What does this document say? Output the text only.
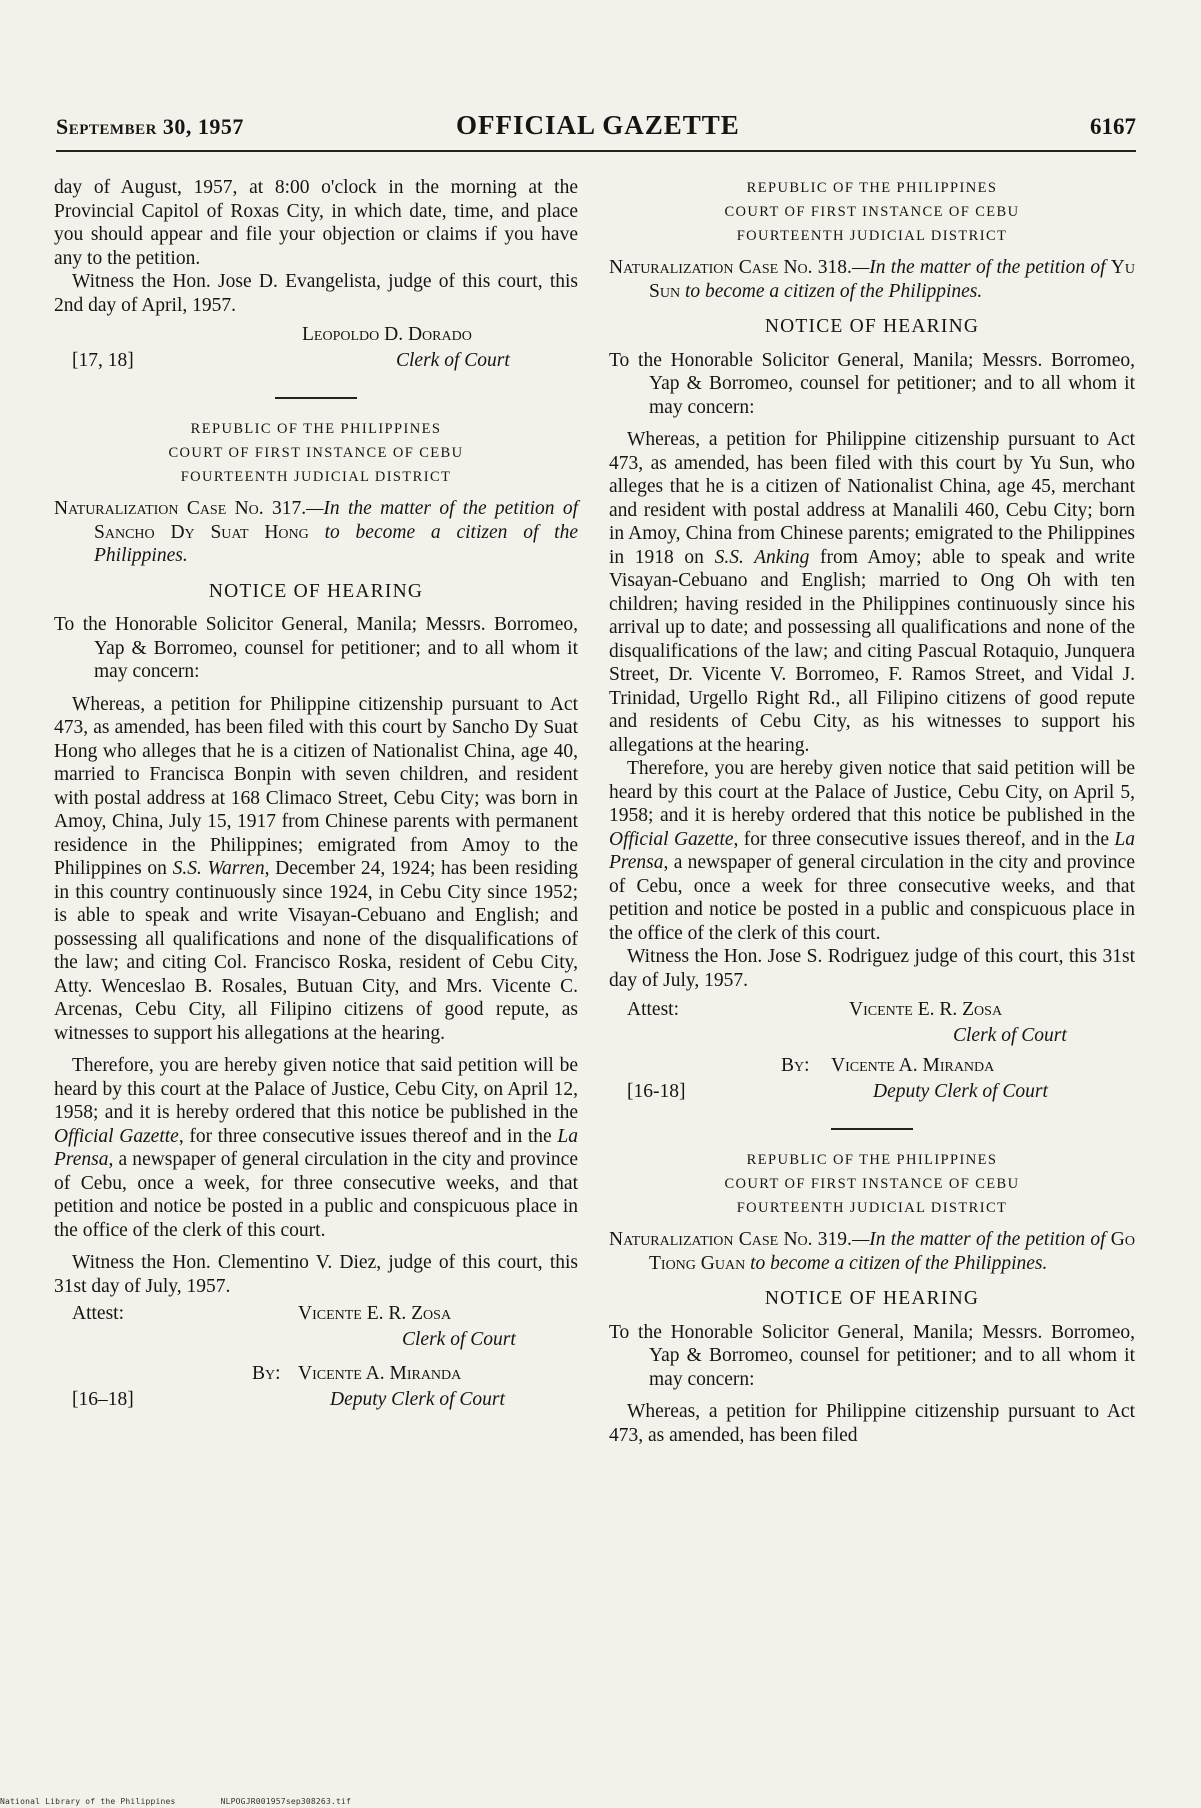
September 30, 1957	OFFICIAL GAZETTE	6167

day of August, 1957, at 8:00 o'clock in the morning at the Provincial Capitol of Roxas City, in which date, time, and place you should appear and file your objection or claims if you have any to the petition.

Witness the Hon. Jose D. Evangelista, judge of this court, this 2nd day of April, 1957.

Leopoldo D. Dorado
[17, 18]	Clerk of Court
REPUBLIC OF THE PHILIPPINES
COURT OF FIRST INSTANCE OF CEBU
FOURTEENTH JUDICIAL DISTRICT

Naturalization Case No. 317.—In the matter of the petition of Sancho Dy Suat Hong to become a citizen of the Philippines.

NOTICE OF HEARING

To the Honorable Solicitor General, Manila; Messrs. Borromeo, Yap & Borromeo, counsel for petitioner; and to all whom it may concern:

Whereas, a petition for Philippine citizenship pursuant to Act 473, as amended, has been filed with this court by Sancho Dy Suat Hong who alleges that he is a citizen of Nationalist China, age 40, married to Francisca Bonpin with seven children, and resident with postal address at 168 Climaco Street, Cebu City; was born in Amoy, China, July 15, 1917 from Chinese parents with permanent residence in the Philippines; emigrated from Amoy to the Philippines on S.S. Warren, December 24, 1924; has been residing in this country continuously since 1924, in Cebu City since 1952; is able to speak and write Visayan-Cebuano and English; and possessing all qualifications and none of the disqualifications of the law; and citing Col. Francisco Roska, resident of Cebu City, Atty. Wenceslao B. Rosales, Butuan City, and Mrs. Vicente C. Arcenas, Cebu City, all Filipino citizens of good repute, as witnesses to support his allegations at the hearing.

Therefore, you are hereby given notice that said petition will be heard by this court at the Palace of Justice, Cebu City, on April 12, 1958; and it is hereby ordered that this notice be published in the Official Gazette, for three consecutive issues thereof and in the La Prensa, a newspaper of general circulation in the city and province of Cebu, once a week, for three consecutive weeks, and that petition and notice be posted in a public and conspicuous place in the office of the clerk of this court.

Witness the Hon. Clementino V. Diez, judge of this court, this 31st day of July, 1957.

Attest:	Vicente E. R. Zosa
Clerk of Court
By: Vicente A. Miranda
[16–18]	Deputy Clerk of Court
REPUBLIC OF THE PHILIPPINES
COURT OF FIRST INSTANCE OF CEBU
FOURTEENTH JUDICIAL DISTRICT

Naturalization Case No. 318.—In the matter of the petition of Yu Sun to become a citizen of the Philippines.

NOTICE OF HEARING

To the Honorable Solicitor General, Manila; Messrs. Borromeo, Yap & Borromeo, counsel for petitioner; and to all whom it may concern:

Whereas, a petition for Philippine citizenship pursuant to Act 473, as amended, has been filed with this court by Yu Sun, who alleges that he is a citizen of Nationalist China, age 45, merchant and resident with postal address at Manalili 460, Cebu City; born in Amoy, China from Chinese parents; emigrated to the Philippines in 1918 on S.S. Anking from Amoy; able to speak and write Visayan-Cebuano and English; married to Ong Oh with ten children; having resided in the Philippines continuously since his arrival up to date; and possessing all qualifications and none of the disqualifications of the law; and citing Pascual Rotaquio, Junquera Street, Dr. Vicente V. Borromeo, F. Ramos Street, and Vidal J. Trinidad, Urgello Right Rd., all Filipino citizens of good repute and residents of Cebu City, as his witnesses to support his allegations at the hearing.

Therefore, you are hereby given notice that said petition will be heard by this court at the Palace of Justice, Cebu City, on April 5, 1958; and it is hereby ordered that this notice be published in the Official Gazette, for three consecutive issues thereof, and in the La Prensa, a newspaper of general circulation in the city and province of Cebu, once a week for three consecutive weeks, and that petition and notice be posted in a public and conspicuous place in the office of the clerk of this court.

Witness the Hon. Jose S. Rodriguez judge of this court, this 31st day of July, 1957.

Attest:	Vicente E. R. Zosa
Clerk of Court
By: Vicente A. Miranda
[16-18]	Deputy Clerk of Court
REPUBLIC OF THE PHILIPPINES
COURT OF FIRST INSTANCE OF CEBU
FOURTEENTH JUDICIAL DISTRICT

Naturalization Case No. 319.—In the matter of the petition of Go Tiong Guan to become a citizen of the Philippines.

NOTICE OF HEARING

To the Honorable Solicitor General, Manila; Messrs. Borromeo, Yap & Borromeo, counsel for petitioner; and to all whom it may concern:

Whereas, a petition for Philippine citizenship pursuant to Act 473, as amended, has been filed

National Library of the Philippines	NLPOGJR001957sep308263.tif
